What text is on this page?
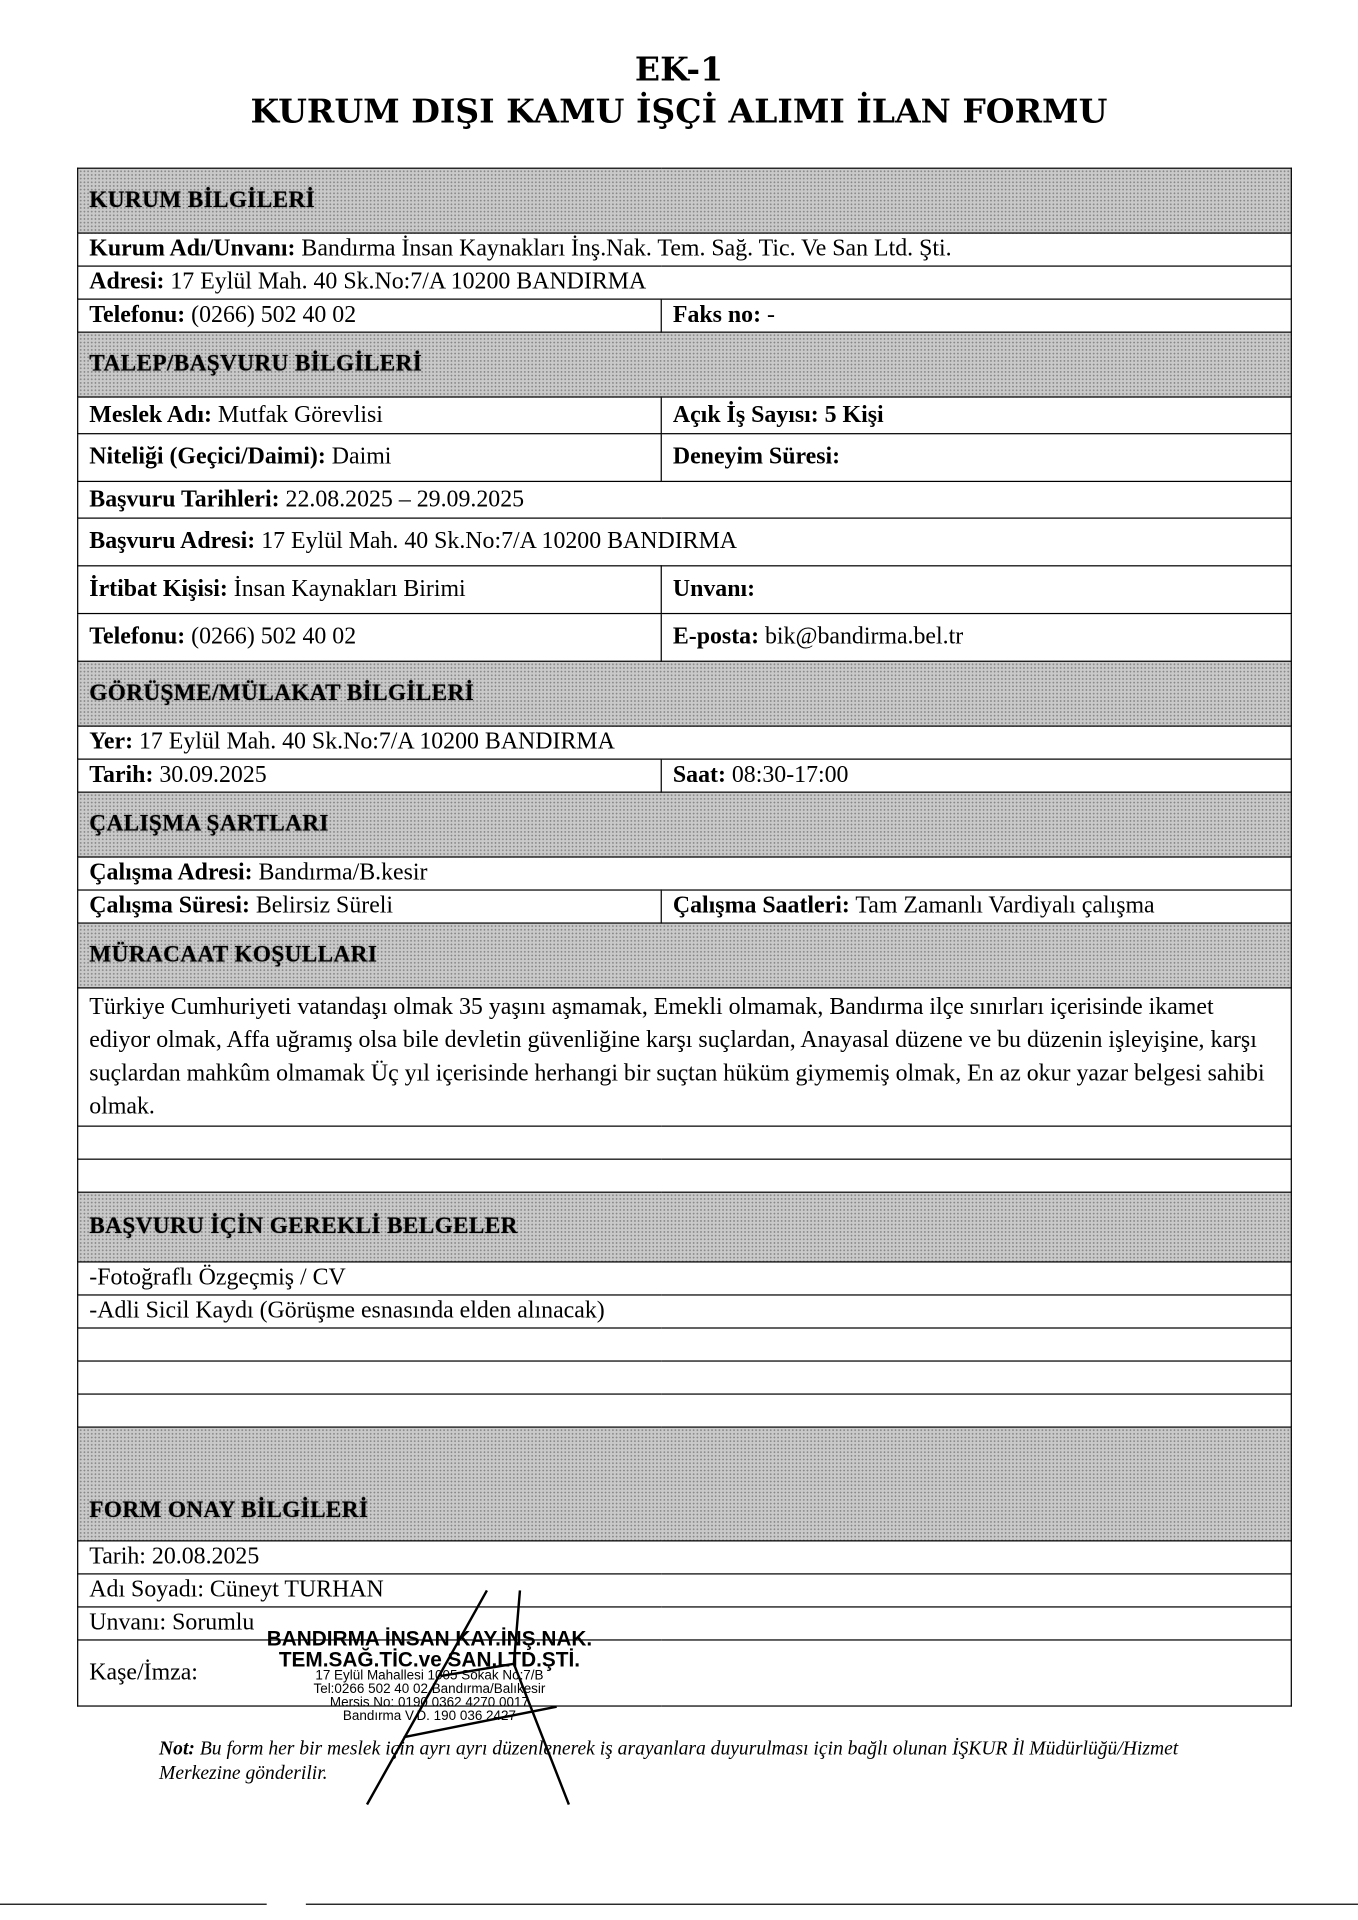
EK-1
KURUM DIŞI KAMU İŞÇİ ALIMI İLAN FORMU
KURUM BİLGİLERİ	
Kurum Adı/Unvanı: Bandırma İnsan Kaynakları İnş.Nak. Tem. Sağ. Tic. Ve San Ltd. Şti.	
Adresi: 17 Eylül Mah. 40 Sk.No:7/A 10200 BANDIRMA	
Telefonu: (0266) 502 40 02	Faks no: -
TALEP/BAŞVURU BİLGİLERİ	
Meslek Adı: Mutfak Görevlisi	Açık İş Sayısı: 5 Kişi
Niteliği (Geçici/Daimi): Daimi	Deneyim Süresi:
Başvuru Tarihleri: 22.08.2025 – 29.09.2025	
Başvuru Adresi: 17 Eylül Mah. 40 Sk.No:7/A 10200 BANDIRMA	
İrtibat Kişisi: İnsan Kaynakları Birimi	Unvanı:
Telefonu: (0266) 502 40 02	E-posta: bik@bandirma.bel.tr
GÖRÜŞME/MÜLAKAT BİLGİLERİ	
Yer: 17 Eylül Mah. 40 Sk.No:7/A 10200 BANDIRMA	
Tarih: 30.09.2025	Saat: 08:30-17:00
ÇALIŞMA ŞARTLARI	
Çalışma Adresi: Bandırma/B.kesir	
Çalışma Süresi: Belirsiz Süreli	Çalışma Saatleri: Tam Zamanlı Vardiyalı çalışma
MÜRACAAT KOŞULLARI	
Türkiye Cumhuriyeti vatandaşı olmak 35 yaşını aşmamak, Emekli olmamak, Bandırma ilçe sınırları içerisinde ikamet ediyor olmak, Affa uğramış olsa bile devletin güvenliğine karşı suçlardan, Anayasal düzene ve bu düzenin işleyişine, karşı suçlardan mahkûm olmamak Üç yıl içerisinde herhangi bir suçtan hüküm giymemiş olmak, En az okur yazar belgesi sahibi olmak.	

BAŞVURU İÇİN GEREKLİ BELGELER	
-Fotoğraflı Özgeçmiş / CV	
-Adli Sicil Kaydı (Görüşme esnasında elden alınacak)	

FORM ONAY BİLGİLERİ	
Tarih: 20.08.2025	
Adı Soyadı: Cüneyt TURHAN	
Unvanı: Sorumlu	
Kaşe/İmza:	
BANDIRMA İNSAN KAY.İNŞ.NAK.
TEM.SAĞ.TİC.ve SAN.LTD.ŞTİ.
17 Eylül Mahallesi 1005 Sokak No:7/B
Tel:0266 502 40 02 Bandırma/Balıkesir
Mersis No: 0190 0362 4270 0017
Bandırma V.D. 190 036 2427
Not: Bu form her bir meslek için ayrı ayrı düzenlenerek iş arayanlara duyurulması için bağlı olunan İŞKUR İl Müdürlüğü/Hizmet Merkezine gönderilir.
